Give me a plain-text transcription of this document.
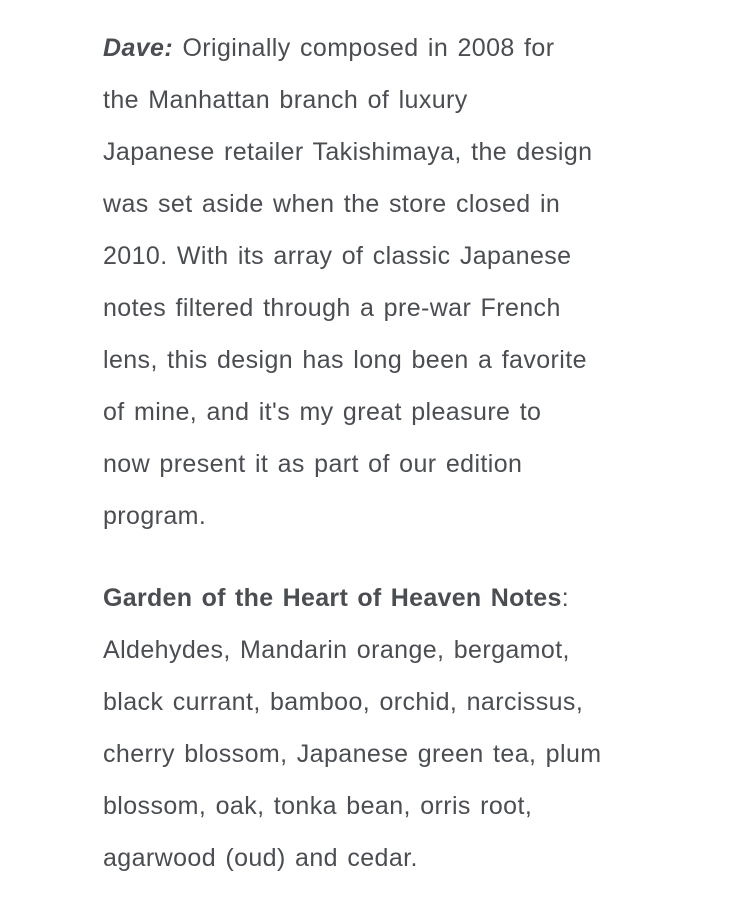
Dave: Originally composed in 2008 for
the Manhattan branch of luxury
Japanese retailer Takishimaya, the design
was set aside when the store closed in
2010. With its array of classic Japanese
notes filtered through a pre-war French
lens, this design has long been a favorite
of mine, and it's my great pleasure to
now present it as part of our edition
program.
Garden of the Heart of Heaven Notes:
Aldehydes, Mandarin orange, bergamot,
black currant, bamboo, orchid, narcissus,
cherry blossom, Japanese green tea, plum
blossom, oak, tonka bean, orris root,
agarwood (oud) and cedar.
